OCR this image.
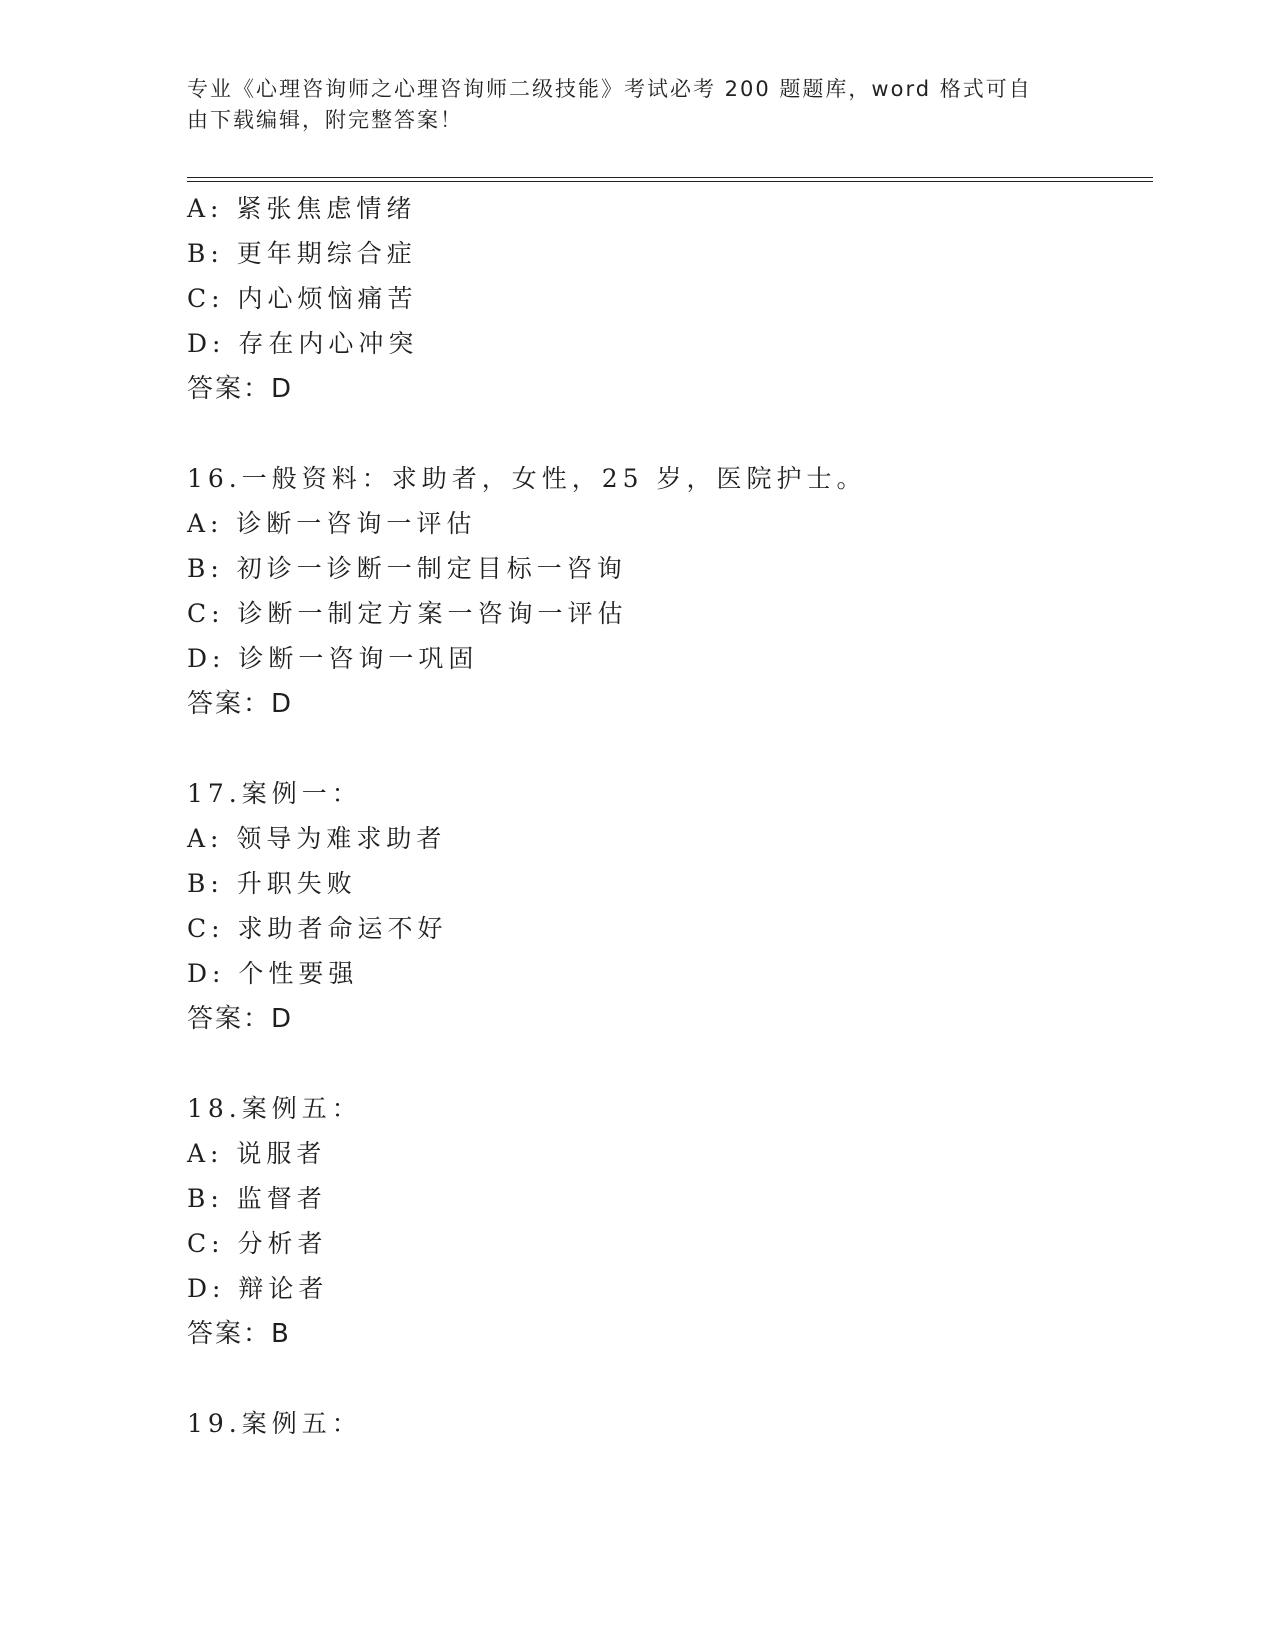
专业《心理咨询师之心理咨询师二级技能》考试必考 200 题题库，word 格式可自
由下载编辑，附完整答案！
A: 紧张焦虑情绪
B: 更年期综合症
C: 内心烦恼痛苦
D: 存在内心冲突
答案：D
16.一般资料：求助者，女性，25 岁，医院护士。
A: 诊断一咨询一评估
B: 初诊一诊断一制定目标一咨询
C: 诊断一制定方案一咨询一评估
D: 诊断一咨询一巩固
答案：D
17.案例一：
A: 领导为难求助者
B: 升职失败
C: 求助者命运不好
D: 个性要强
答案：D
18.案例五：
A: 说服者
B: 监督者
C: 分析者
D: 辩论者
答案：B
19.案例五：
